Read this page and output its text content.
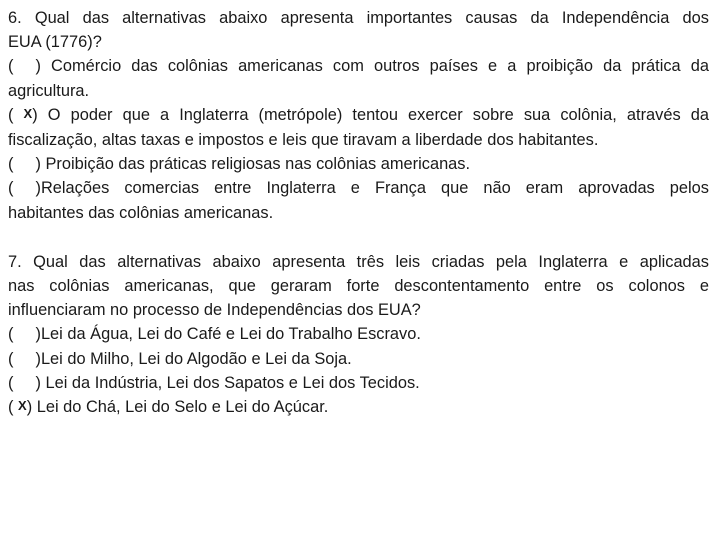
6. Qual das alternativas abaixo apresenta importantes causas da Independência dos
EUA (1776)?
( ) Comércio das colônias americanas com outros países e a proibição da prática da
agricultura.
( X) O poder que a Inglaterra (metrópole) tentou exercer sobre sua colônia, através da
fiscalização, altas taxas e impostos e leis que tiravam a liberdade dos habitantes.
( ) Proibição das práticas religiosas nas colônias americanas.
( )Relações comercias entre Inglaterra e França que não eram aprovadas pelos
habitantes das colônias americanas.
7. Qual das alternativas abaixo apresenta três leis criadas pela Inglaterra e aplicadas
nas colônias americanas, que geraram forte descontentamento entre os colonos e
influenciaram no processo de Independências dos EUA?
( )Lei da Água, Lei do Café e Lei do Trabalho Escravo.
( )Lei do Milho, Lei do Algodão e Lei da Soja.
( ) Lei da Indústria, Lei dos Sapatos e Lei dos Tecidos.
( X) Lei do Chá, Lei do Selo e Lei do Açúcar.
